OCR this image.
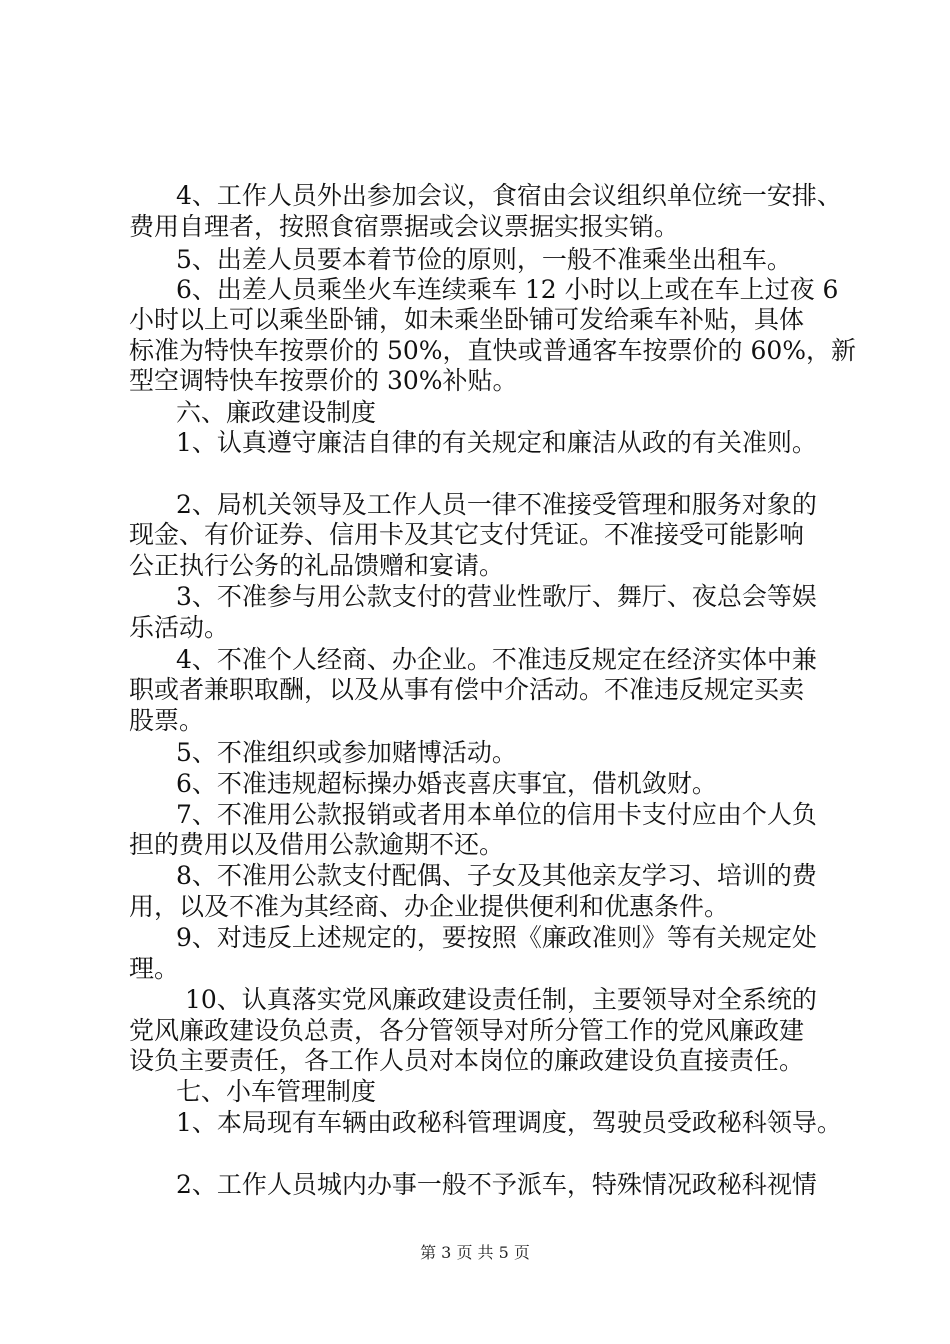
4、工作人员外出参加会议，食宿由会议组织单位统一安排、
费用自理者，按照食宿票据或会议票据实报实销。
5、出差人员要本着节俭的原则，一般不准乘坐出租车。
6、出差人员乘坐火车连续乘车 12 小时以上或在车上过夜 6
小时以上可以乘坐卧铺，如未乘坐卧铺可发给乘车补贴，具体
标准为特快车按票价的 50%，直快或普通客车按票价的 60%，新
型空调特快车按票价的 30%补贴。
六、廉政建设制度
1、认真遵守廉洁自律的有关规定和廉洁从政的有关准则。
2、局机关领导及工作人员一律不准接受管理和服务对象的
现金、有价证券、信用卡及其它支付凭证。不准接受可能影响
公正执行公务的礼品馈赠和宴请。
3、不准参与用公款支付的营业性歌厅、舞厅、夜总会等娱
乐活动。
4、不准个人经商、办企业。不准违反规定在经济实体中兼
职或者兼职取酬，以及从事有偿中介活动。不准违反规定买卖
股票。
5、不准组织或参加赌博活动。
6、不准违规超标操办婚丧喜庆事宜，借机敛财。
7、不准用公款报销或者用本单位的信用卡支付应由个人负
担的费用以及借用公款逾期不还。
8、不准用公款支付配偶、子女及其他亲友学习、培训的费
用，以及不准为其经商、办企业提供便利和优惠条件。
9、对违反上述规定的，要按照《廉政准则》等有关规定处
理。
10、认真落实党风廉政建设责任制，主要领导对全系统的
党风廉政建设负总责，各分管领导对所分管工作的党风廉政建
设负主要责任，各工作人员对本岗位的廉政建设负直接责任。
七、小车管理制度
1、本局现有车辆由政秘科管理调度，驾驶员受政秘科领导。
2、工作人员城内办事一般不予派车，特殊情况政秘科视情
第 3 页 共 5 页
